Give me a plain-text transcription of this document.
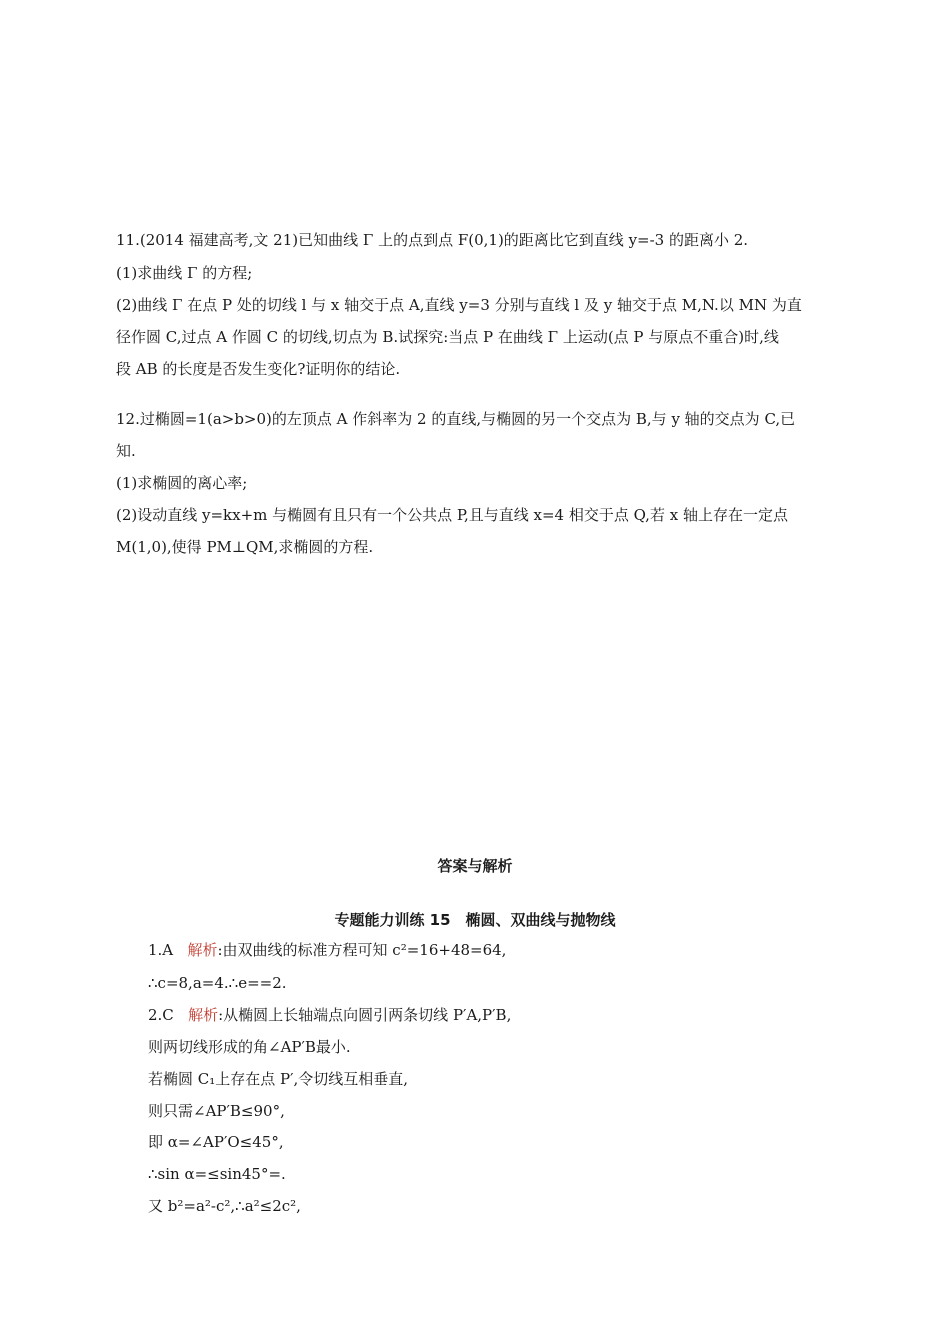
11.(2014 福建高考,文 21)已知曲线 Γ 上的点到点 F(0,1)的距离比它到直线 y=-3 的距离小 2.
(1)求曲线 Γ 的方程;
(2)曲线 Γ 在点 P 处的切线 l 与 x 轴交于点 A,直线 y=3 分别与直线 l 及 y 轴交于点 M,N.以 MN 为直
径作圆 C,过点 A 作圆 C 的切线,切点为 B.试探究:当点 P 在曲线 Γ 上运动(点 P 与原点不重合)时,线
段 AB 的长度是否发生变化?证明你的结论.
12.过椭圆=1(a>b>0)的左顶点 A 作斜率为 2 的直线,与椭圆的另一个交点为 B,与 y 轴的交点为 C,已
知.
(1)求椭圆的离心率;
(2)设动直线 y=kx+m 与椭圆有且只有一个公共点 P,且与直线 x=4 相交于点 Q,若 x 轴上存在一定点
M(1,0),使得 PM⊥QM,求椭圆的方程.
答案与解析
专题能力训练 15　椭圆、双曲线与抛物线
1.A 解析:由双曲线的标准方程可知 c²=16+48=64,
∴c=8,a=4.∴e==2.
2.C 解析:从椭圆上长轴端点向圆引两条切线 P′A,P′B,
则两切线形成的角∠AP′B最小.
若椭圆 C₁上存在点 P′,令切线互相垂直,
则只需∠AP′B≤90°,
即 α=∠AP′O≤45°,
∴sin α=≤sin45°=.
又 b²=a²-c²,∴a²≤2c²,
